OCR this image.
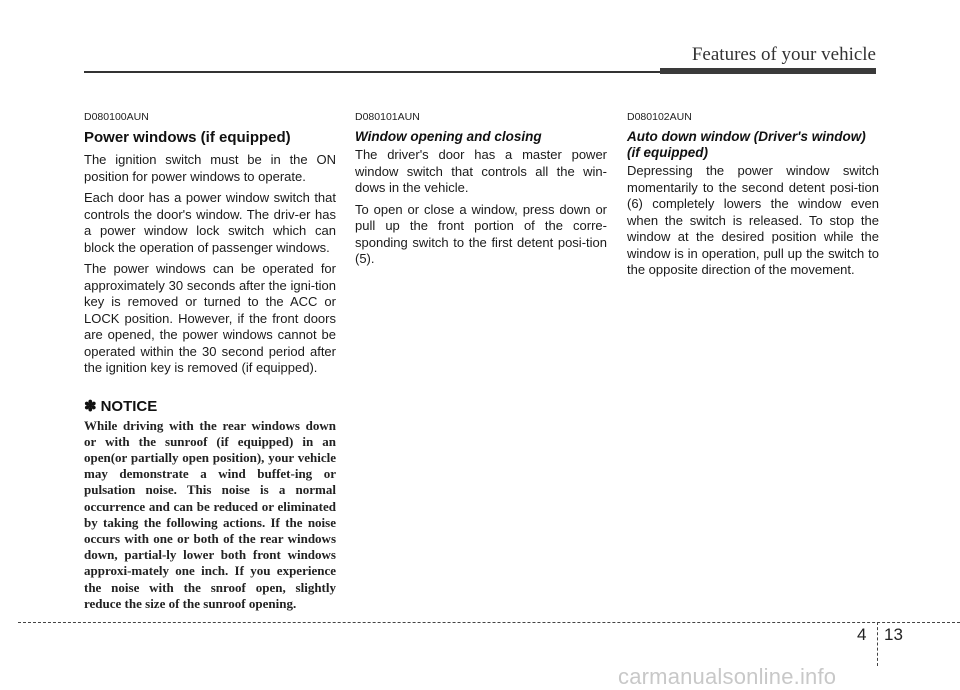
Features of your vehicle
D080100AUN
Power windows (if equipped)

The ignition switch must be in the ON position for power windows to operate.

Each door has a power window switch that controls the door's window. The driv-er has a power window lock switch which can block the operation of passenger windows.

The power windows can be operated for approximately 30 seconds after the igni-tion key is removed or turned to the ACC or LOCK position. However, if the front doors are opened, the power windows cannot be operated within the 30 second period after the ignition key is removed (if equipped).

✽ NOTICE

While driving with the rear windows down or with the sunroof (if equipped) in an open(or partially open position), your vehicle may demonstrate a wind buffet-ing or pulsation noise. This noise is a normal occurrence and can be reduced or eliminated by taking the following actions. If the noise occurs with one or both of the rear windows down, partial-ly lower both front windows approxi-mately one inch. If you experience the noise with the snroof open, slightly reduce the size of the sunroof opening.

D080101AUN
Window opening and closing

The driver's door has a master power window switch that controls all the win-dows in the vehicle.

To open or close a window, press down or pull up the front portion of the corre-sponding switch to the first detent posi-tion (5).

D080102AUN
Auto down window (Driver's window) (if equipped)

Depressing the power window switch momentarily to the second detent posi-tion (6) completely lowers the window even when the switch is released. To stop the window at the desired position while the window is in operation, pull up the switch to the opposite direction of the movement.

4 13
carmanualsonline.info
